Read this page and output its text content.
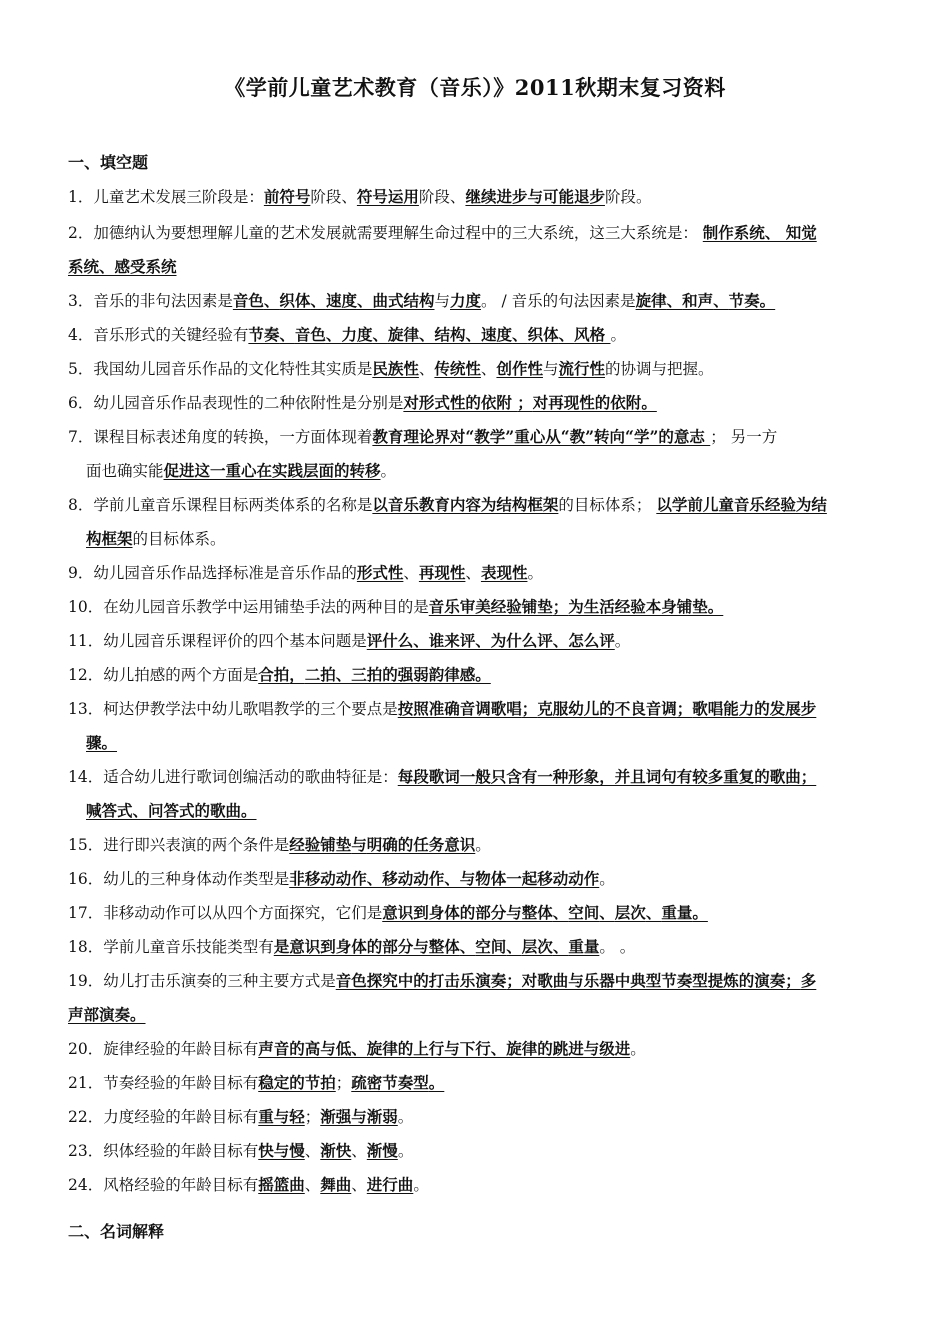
《学前儿童艺术教育（音乐）》2011秋期末复习资料
一、填空题
1．儿童艺术发展三阶段是：前符号阶段、符号运用阶段、继续进步与可能退步阶段。
2．加德纳认为要想理解儿童的艺术发展就需要理解生命过程中的三大系统，这三大系统是： 制作系统、 知觉
系统、感受系统
3．音乐的非句法因素是音色、织体、速度、曲式结构与力度。 / 音乐的句法因素是旋律、和声、节奏。
4．音乐形式的关键经验有节奏、音色、力度、旋律、结构、速度、织体、风格 。
5．我国幼儿园音乐作品的文化特性其实质是民族性、传统性、创作性与流行性的协调与把握。
6．幼儿园音乐作品表现性的二种依附性是分别是对形式性的依附 ；对再现性的依附。
7．课程目标表述角度的转换，一方面体现着教育理论界对“教学”重心从“教”转向“学”的意志 ； 另一方
面也确实能促进这一重心在实践层面的转移。
8．学前儿童音乐课程目标两类体系的名称是以音乐教育内容为结构框架的目标体系； 以学前儿童音乐经验为结
构框架的目标体系。
9．幼儿园音乐作品选择标准是音乐作品的形式性、再现性、表现性。
10．在幼儿园音乐教学中运用铺垫手法的两种目的是音乐审美经验铺垫；为生活经验本身铺垫。
11．幼儿园音乐课程评价的四个基本问题是评什么、谁来评、为什么评、怎么评。
12．幼儿拍感的两个方面是合拍，二拍、三拍的强弱韵律感。
13．柯达伊教学法中幼儿歌唱教学的三个要点是按照准确音调歌唱；克服幼儿的不良音调；歌唱能力的发展步
骤。
14．适合幼儿进行歌词创编活动的歌曲特征是：每段歌词一般只含有一种形象，并且词句有较多重复的歌曲；
喊答式、问答式的歌曲。
15．进行即兴表演的两个条件是经验铺垫与明确的任务意识。
16．幼儿的三种身体动作类型是非移动动作、移动动作、与物体一起移动动作。
17．非移动动作可以从四个方面探究，它们是意识到身体的部分与整体、空间、层次、重量。
18．学前儿童音乐技能类型有是意识到身体的部分与整体、空间、层次、重量。 。
19．幼儿打击乐演奏的三种主要方式是音色探究中的打击乐演奏；对歌曲与乐器中典型节奏型提炼的演奏；多
声部演奏。
20．旋律经验的年龄目标有声音的高与低、旋律的上行与下行、旋律的跳进与级进。
21．节奏经验的年龄目标有稳定的节拍；疏密节奏型。
22．力度经验的年龄目标有重与轻；渐强与渐弱。
23．织体经验的年龄目标有快与慢、渐快、渐慢。
24．风格经验的年龄目标有摇篮曲、舞曲、进行曲。
二、名词解释
